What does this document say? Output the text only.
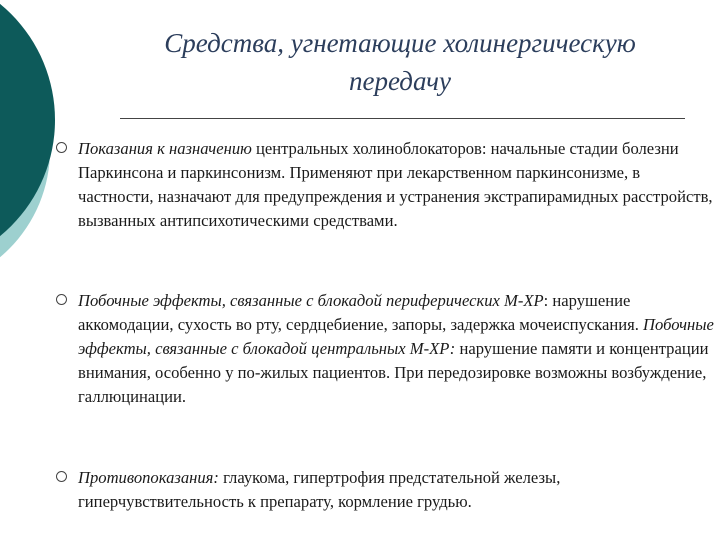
Средства, угнетающие холинергическую
передачу
Показания к назначению центральных холиноблокаторов: начальные стадии болезни Паркинсона и паркинсонизм. Применяют при лекарственном паркинсонизме, в частности, назначают для предупреждения и устранения экстрапирамидных расстройств, вызванных антипсихотическими средствами.
Побочные эффекты, связанные с блокадой периферических М-ХР: нарушение аккомодации, сухость во рту, сердцебиение, запоры, задержка мочеиспускания. Побочные эффекты, связанные с блокадой центральных М-ХР: нарушение памяти и концентрации внимания, особенно у по-жилых пациентов. При передозировке возможны возбуждение, галлюцинации.
Противопоказания: глаукома, гипертрофия предстательной железы, гиперчувствительность к препарату, кормление грудью.
